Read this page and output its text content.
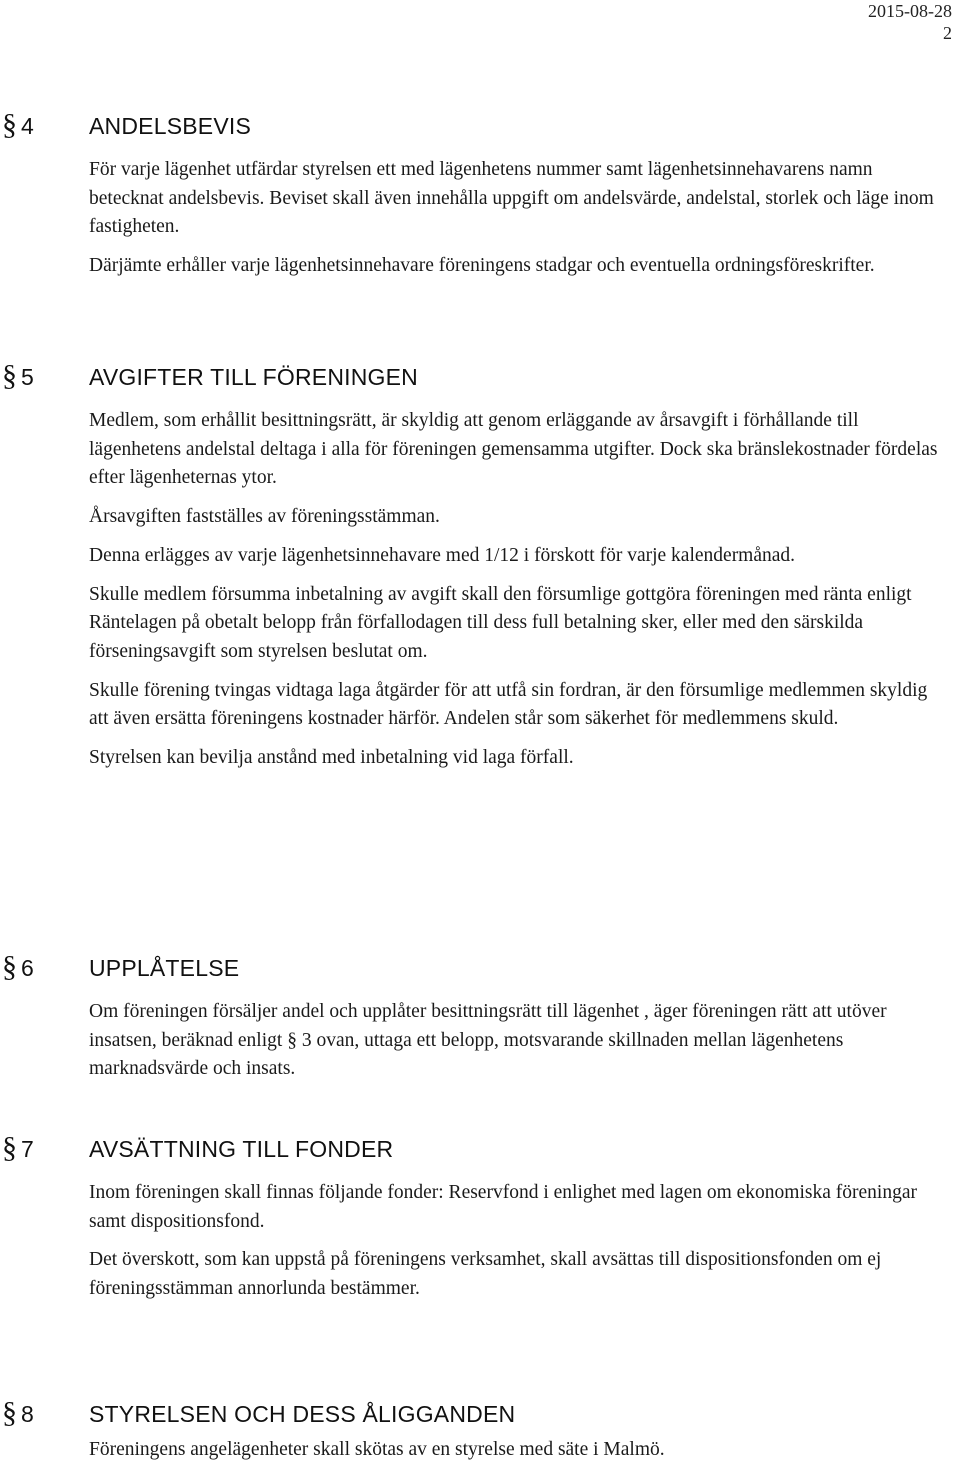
2015-08-28
2
§ 4 ANDELSBEVIS

För varje lägenhet utfärdar styrelsen ett med lägenhetens nummer samt lägenhetsinnehavarens namn betecknat andelsbevis. Beviset skall även innehålla uppgift om andelsvärde, andelstal, storlek och läge inom fastigheten.

Därjämte erhåller varje lägenhetsinnehavare föreningens stadgar och eventuella ordningsföreskrifter.

§ 5 AVGIFTER TILL FÖRENINGEN

Medlem, som erhållit besittningsrätt, är skyldig att genom erläggande av årsavgift i förhållande till lägenhetens andelstal deltaga i alla för föreningen gemensamma utgifter. Dock ska bränslekostnader fördelas efter lägenheternas ytor.

Årsavgiften fastställes av föreningsstämman.

Denna erlägges av varje lägenhetsinnehavare med 1/12 i förskott för varje kalendermånad.

Skulle medlem försumma inbetalning av avgift skall den försumlige gottgöra föreningen med ränta enligt Räntelagen på obetalt belopp från förfallodagen till dess full betalning sker, eller med den särskilda förseningsavgift som styrelsen beslutat om.

Skulle förening tvingas vidtaga laga åtgärder för att utfå sin fordran, är den försumlige medlemmen skyldig att även ersätta föreningens kostnader härför. Andelen står som säkerhet för medlemmens skuld.

Styrelsen kan bevilja anstånd med inbetalning vid laga förfall.

§ 6 UPPLÅTELSE

Om föreningen försäljer andel och upplåter besittningsrätt till lägenhet , äger föreningen rätt att utöver insatsen, beräknad enligt § 3 ovan, uttaga ett belopp, motsvarande skillnaden mellan lägenhetens marknadsvärde och insats.

§ 7 AVSÄTTNING TILL FONDER

Inom föreningen skall finnas följande fonder: Reservfond i enlighet med lagen om ekonomiska föreningar samt dispositionsfond.

Det överskott, som kan uppstå på föreningens verksamhet, skall avsättas till dispositionsfonden om ej föreningsstämman annorlunda bestämmer.

§ 8 STYRELSEN OCH DESS ÅLIGGANDEN

Föreningens angelägenheter skall skötas av en styrelse med säte i Malmö.
